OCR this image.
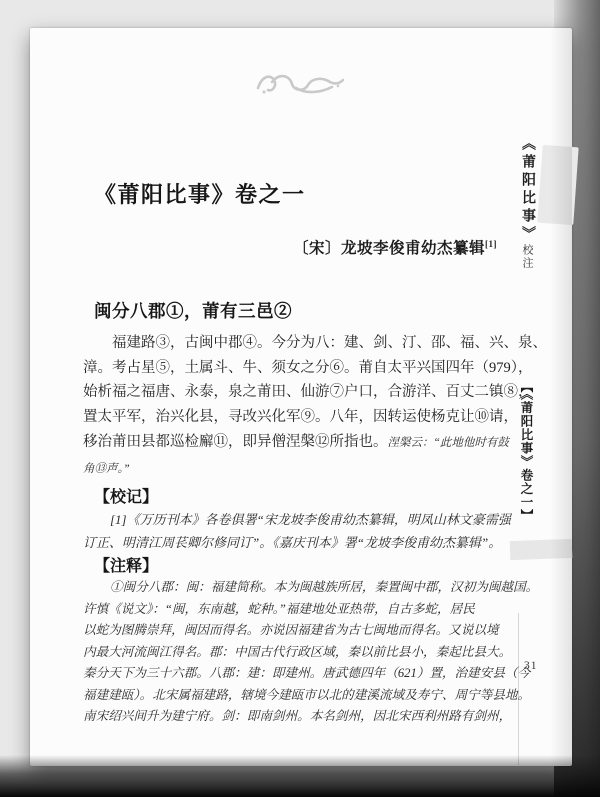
《莆阳比事》卷之一
〔宋〕龙坡李俊甫幼杰纂辑[1]
闽分八郡①，莆有三邑②
福建路③，古闽中郡④。今分为八：建、剑、汀、邵、福、兴、泉、
漳。考占星⑤，土属斗、牛、须女之分⑥。莆自太平兴国四年（979），
始析福之福唐、永泰，泉之莆田、仙游⑦户口，合游洋、百丈二镇⑧，
置太平军，治兴化县，寻改兴化军⑨。八年，因转运使杨克让⑩请，
移治莆田县都巡检廨⑪，即异僧涅槃⑫所指也。涅槃云：“此地他时有鼓
角⑬声。”
【校记】
[1]《万历刊本》各卷俱署“宋龙坡李俊甫幼杰纂辑，明凤山林文豪需强
订正、明清江周苌卿尔修同订”。《嘉庆刊本》署“龙坡李俊甫幼杰纂辑”。
【注释】
①闽分八郡：闽：福建简称。本为闽越族所居，秦置闽中郡，汉初为闽越国。
许慎《说文》：“闽，东南越，蛇种。”福建地处亚热带，自古多蛇，居民
以蛇为图腾崇拜，闽因而得名。亦说因福建省为古七闽地而得名。又说以境
内最大河流闽江得名。郡：中国古代行政区域，秦以前比县小，秦起比县大。
秦分天下为三十六郡。八郡：建：即建州。唐武德四年（621）置，治建安县（今
福建建瓯）。北宋属福建路，辖境今建瓯市以北的建溪流域及寿宁、周宁等县地。
南宋绍兴间升为建宁府。剑：即南剑州。本名剑州，因北宋西利州路有剑州，
《莆阳比事》校注
【《莆阳比事》卷之一】
31
